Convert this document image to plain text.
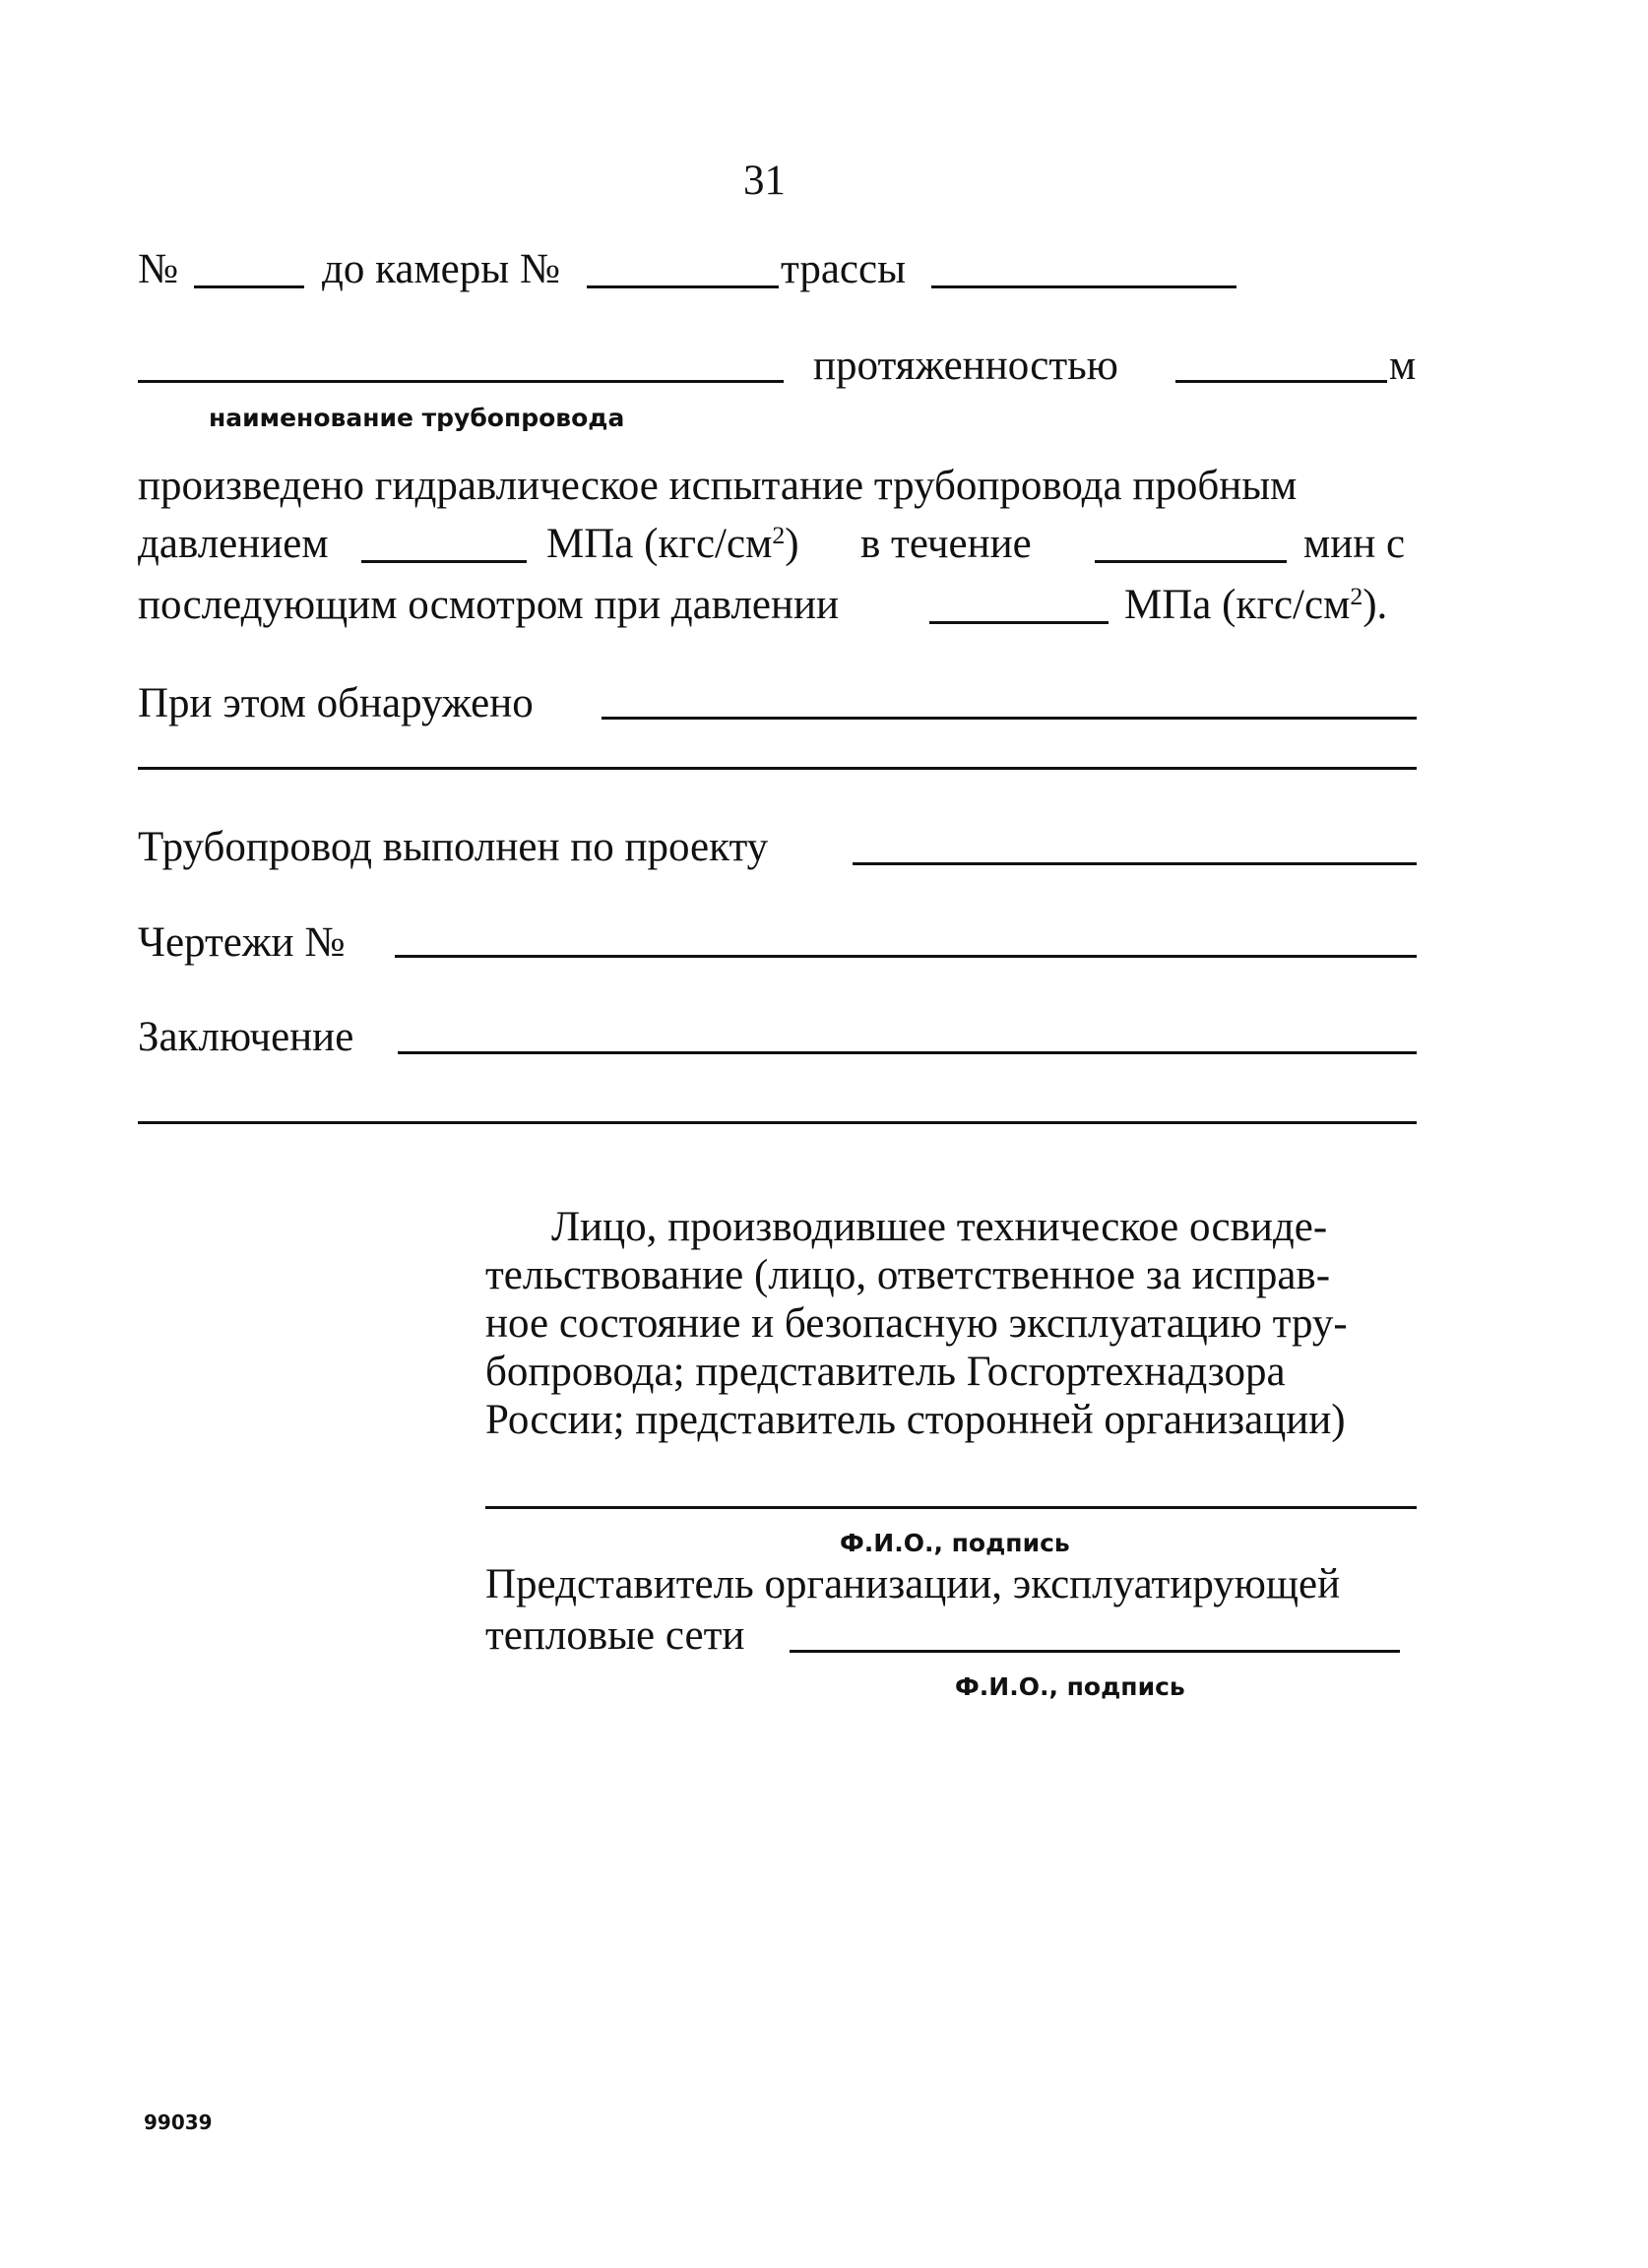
31
№	до камеры №	трассы
протяженностью	м
наименование трубопровода
произведено гидравлическое испытание трубопровода пробным
давлением	МПа $(кгс/см^2)$ в течение	мин с
последующим осмотром при давлении	МПа $(кгс/см^2)$.
При этом обнаружено
Трубопровод выполнен по проекту
Чертежи №
Заключение
Лицо, производившее техническое освиде-
тельствование (лицо, ответственное за исправ-
ное состояние и безопасную эксплуатацию тру-
бопровода; представитель Госгортехнадзора
России; представитель сторонней организации)
Ф.И.О., подпись
Представитель организации, эксплуатирующей
тепловые сети
Ф.И.О., подпись
99039
